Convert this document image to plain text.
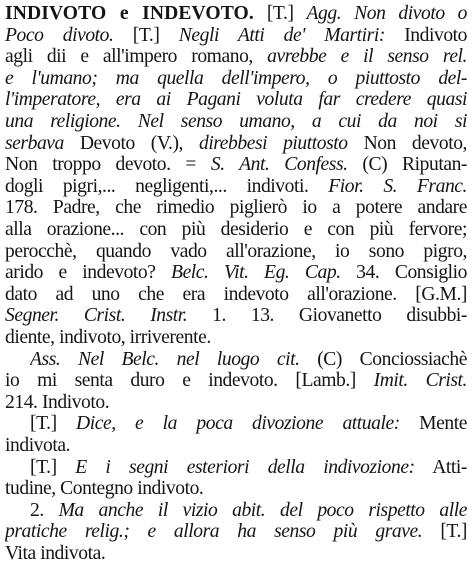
INDIVOTO e INDEVOTO. [T.] Agg. Non divoto o
Poco divoto. [T.] Negli Atti de' Martiri: Indivoto
agli dii e all'impero romano, avrebbe e il senso rel.
e l'umano; ma quella dell'impero, o piuttosto del-
l'imperatore, era ai Pagani voluta far credere quasi
una religione. Nel senso umano, a cui da noi si
serbava Devoto (V.), direbbesi piuttosto Non devoto,
Non troppo devoto. = S. Ant. Confess. (C) Riputan-
dogli pigri,... negligenti,... indivoti. Fior. S. Franc.
178. Padre, che rimedio piglierò io a potere andare
alla orazione... con più desiderio e con più fervore;
perocchè, quando vado all'orazione, io sono pigro,
arido e indevoto? Belc. Vit. Eg. Cap. 34. Consiglio
dato ad uno che era indevoto all'orazione. [G.M.]
Segner. Crist. Instr. 1. 13. Giovanetto disubbi-
diente, indivoto, irriverente.
Ass. Nel Belc. nel luogo cit. (C) Conciossiachè
io mi senta duro e indevoto. [Lamb.] Imit. Crist.
214. Indivoto.
[T.] Dice, e la poca divozione attuale: Mente
indivota.
[T.] E i segni esteriori della indivozione: Atti-
tudine, Contegno indivoto.
2. Ma anche il vizio abit. del poco rispetto alle
pratiche relig.; e allora ha senso più grave. [T.]
Vita indivota.
